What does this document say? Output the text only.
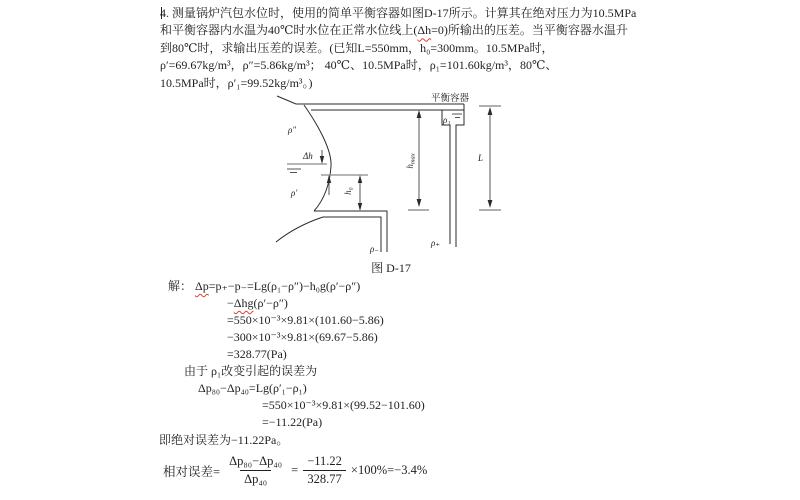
4. 测量锅炉汽包水位时，使用的简单平衡容器如图D-17所示。计算其在绝对压力为10.5MPa
和平衡容器内水温为40℃时水位在正常水位线上(Δh=0)所输出的压差。当平衡容器水温升
到80℃时，求输出压差的误差。(已知L=550mm，h₀=300mm。10.5MPa时，
ρ′=69.67kg/m³，ρ″=5.86kg/m³； 40℃、10.5MPa时，ρ₁=101.60kg/m³，80℃、
10.5MPa时，ρ′₁=99.52kg/m³。)
平衡容器
ρ″
Δh
ρ′	h₀
hmax
ρ₋
ρ₊
ρ₁
L
图 D-17
解： Δp=p₊−p₋=Lg(ρ₁−ρ″)−h₀g(ρ′−ρ″)
−Δhg(ρ′−ρ″)
=550×10⁻³×9.81×(101.60−5.86)
−300×10⁻³×9.81×(69.67−5.86)
=328.77(Pa)
由于 ρ₁改变引起的误差为
Δp₈₀−Δp₄₀=Lg(ρ′₁−ρ₁)
=550×10⁻³×9.81×(99.52−101.60)
=−11.22(Pa)
即绝对误差为−11.22Pa。
相对误差= $\frac{\text{Δp₈₀−Δp₄₀}}{\text{Δp₄₀}} = \frac{-11.22}{328.77} \times 100\%=-3.4\%$
